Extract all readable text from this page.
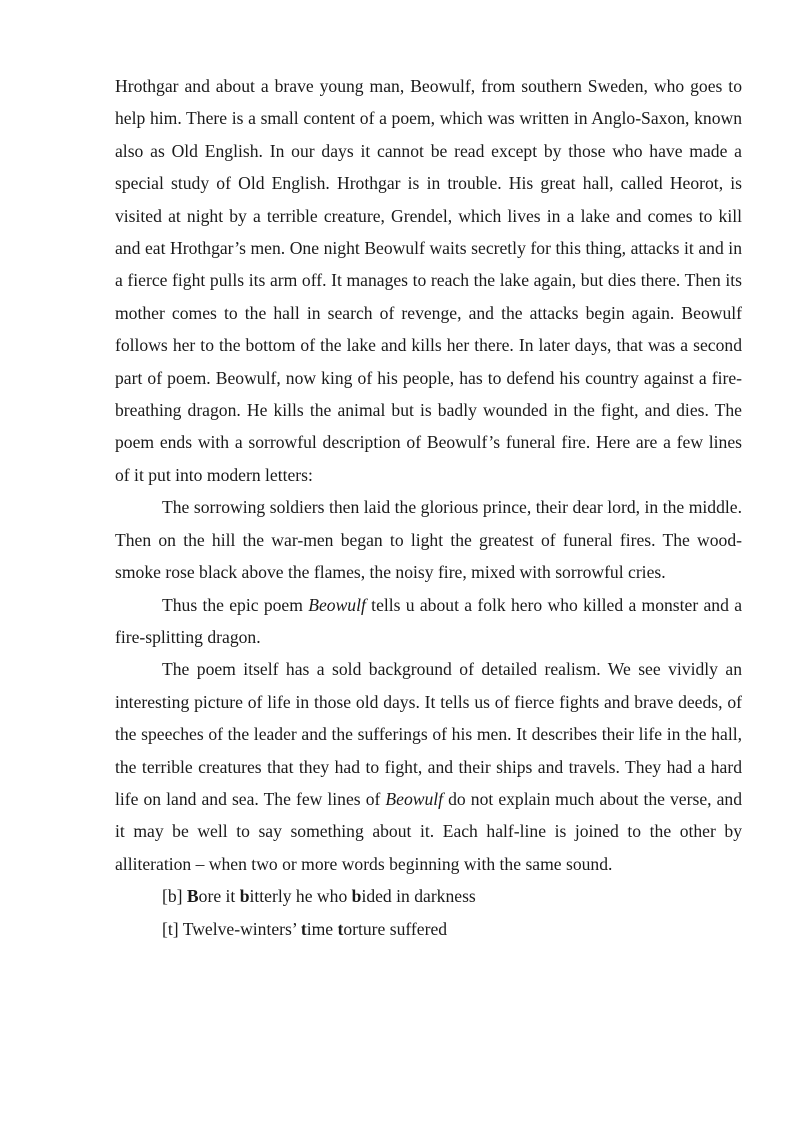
Hrothgar and about a brave young man, Beowulf, from southern Sweden, who goes to help him. There is a small content of a poem, which was written in Anglo-Saxon, known also as Old English. In our days it cannot be read except by those who have made a special study of Old English. Hrothgar is in trouble. His great hall, called Heorot, is visited at night by a terrible creature, Grendel, which lives in a lake and comes to kill and eat Hrothgar’s men. One night Beowulf waits secretly for this thing, attacks it and in a fierce fight pulls its arm off. It manages to reach the lake again, but dies there. Then its mother comes to the hall in search of revenge, and the attacks begin again. Beowulf follows her to the bottom of the lake and kills her there. In later days, that was a second part of poem. Beowulf, now king of his people, has to defend his country against a fire-breathing dragon. He kills the animal but is badly wounded in the fight, and dies. The poem ends with a sorrowful description of Beowulf’s funeral fire. Here are a few lines of it put into modern letters:

The sorrowing soldiers then laid the glorious prince, their dear lord, in the middle. Then on the hill the war-men began to light the greatest of funeral fires. The wood-smoke rose black above the flames, the noisy fire, mixed with sorrowful cries.

Thus the epic poem Beowulf tells u about a folk hero who killed a monster and a fire-splitting dragon.

The poem itself has a sold background of detailed realism. We see vividly an interesting picture of life in those old days. It tells us of fierce fights and brave deeds, of the speeches of the leader and the sufferings of his men. It describes their life in the hall, the terrible creatures that they had to fight, and their ships and travels. They had a hard life on land and sea. The few lines of Beowulf do not explain much about the verse, and it may be well to say something about it. Each half-line is joined to the other by alliteration – when two or more words beginning with the same sound.

[b] Bore it bitterly he who bided in darkness

[t] Twelve-winters’ time torture suffered
